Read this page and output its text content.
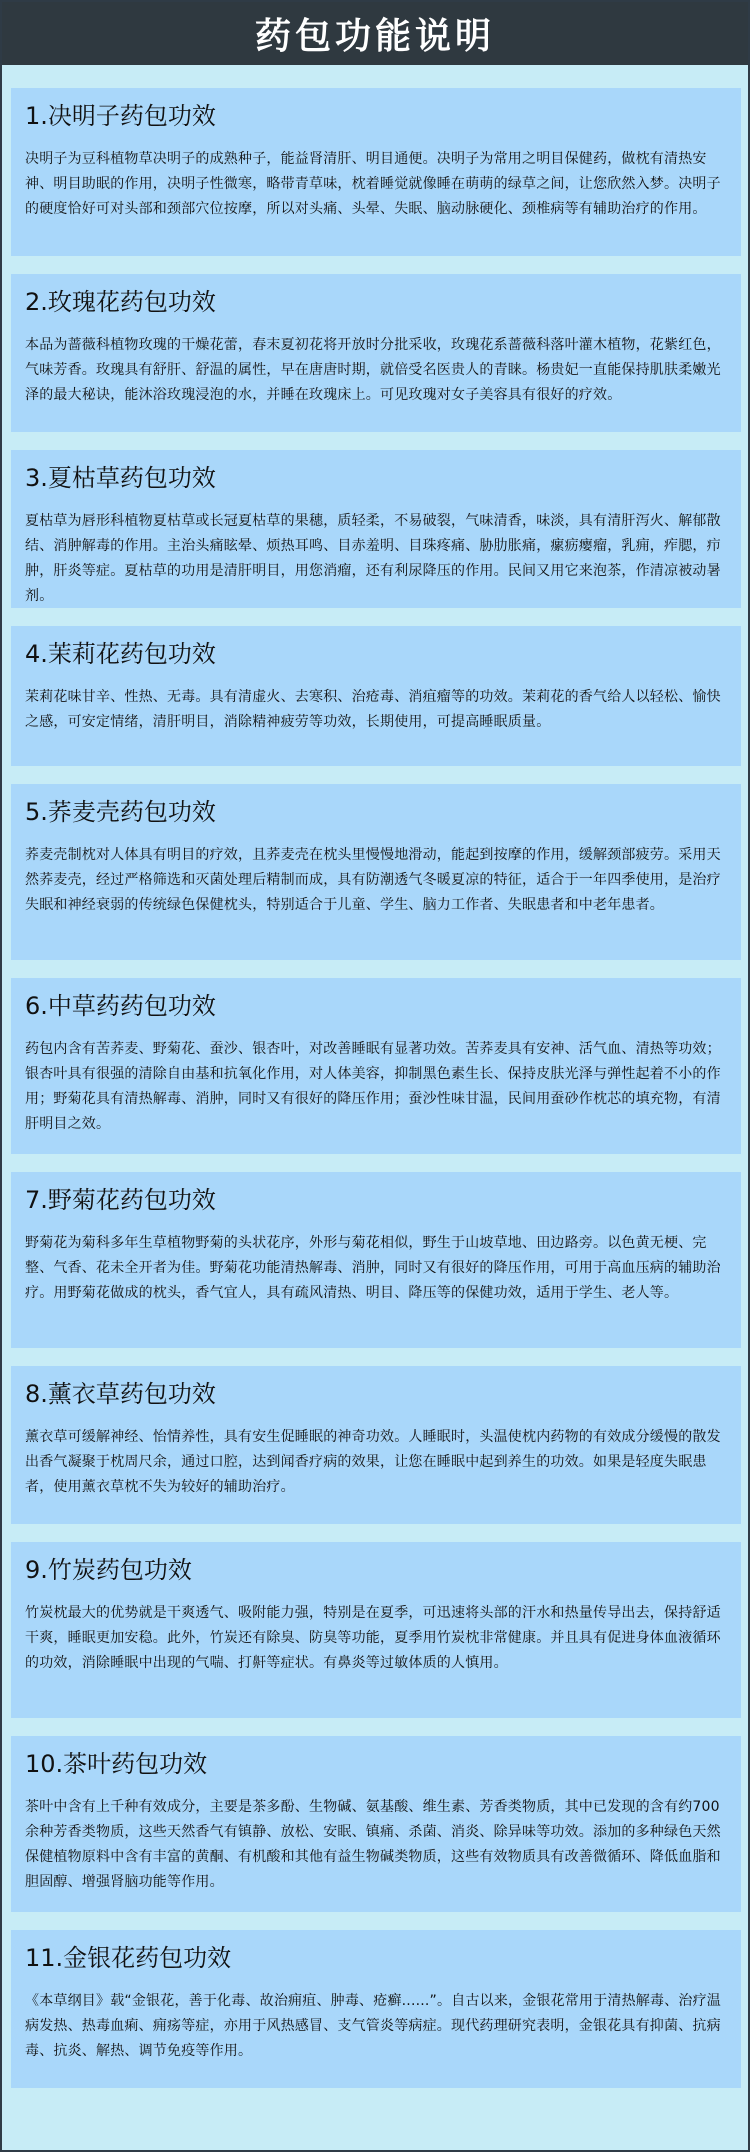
药包功能说明
1.决明子药包功效
决明子为豆科植物草决明子的成熟种子，能益肾清肝、明目通便。决明子为常用之明目保健药，做枕有清热安神、明目助眠的作用，决明子性微寒，略带青草味，枕着睡觉就像睡在萌萌的绿草之间，让您欣然入梦。决明子的硬度恰好可对头部和颈部穴位按摩，所以对头痛、头晕、失眠、脑动脉硬化、颈椎病等有辅助治疗的作用。
2.玫瑰花药包功效
本品为蔷薇科植物玫瑰的干燥花蕾，春末夏初花将开放时分批采收，玫瑰花系蔷薇科落叶灌木植物，花紫红色，气味芳香。玫瑰具有舒肝、舒温的属性，早在唐唐时期，就倍受名医贵人的青睐。杨贵妃一直能保持肌肤柔嫩光泽的最大秘诀，能沐浴玫瑰浸泡的水，并睡在玫瑰床上。可见玫瑰对女子美容具有很好的疗效。
3.夏枯草药包功效
夏枯草为唇形科植物夏枯草或长冠夏枯草的果穗，质轻柔，不易破裂，气味清香，味淡，具有清肝泻火、解郁散结、消肿解毒的作用。主治头痛眩晕、烦热耳鸣、目赤羞明、目珠疼痛、胁肋胀痛，瘰疬瘿瘤，乳痈，痄腮，疖肿，肝炎等症。夏枯草的功用是清肝明目，用您消瘤，还有利尿降压的作用。民间又用它来泡茶，作清凉被动暑剂。
4.茉莉花药包功效
茉莉花味甘辛、性热、无毒。具有清虚火、去寒积、治疮毒、消疽瘤等的功效。茉莉花的香气给人以轻松、愉快之感，可安定情绪，清肝明目，消除精神疲劳等功效，长期使用，可提高睡眠质量。
5.荞麦壳药包功效
荞麦壳制枕对人体具有明目的疗效，且荞麦壳在枕头里慢慢地滑动，能起到按摩的作用，缓解颈部疲劳。采用天然荞麦壳，经过严格筛选和灭菌处理后精制而成，具有防潮透气冬暖夏凉的特征，适合于一年四季使用，是治疗失眠和神经衰弱的传统绿色保健枕头，特别适合于儿童、学生、脑力工作者、失眠患者和中老年患者。
6.中草药药包功效
药包内含有苦荞麦、野菊花、蚕沙、银杏叶，对改善睡眠有显著功效。苦荞麦具有安神、活气血、清热等功效；银杏叶具有很强的清除自由基和抗氧化作用，对人体美容，抑制黑色素生长、保持皮肤光泽与弹性起着不小的作用；野菊花具有清热解毒、消肿，同时又有很好的降压作用；蚕沙性味甘温，民间用蚕砂作枕芯的填充物，有清肝明目之效。
7.野菊花药包功效
野菊花为菊科多年生草植物野菊的头状花序，外形与菊花相似，野生于山坡草地、田边路旁。以色黄无梗、完整、气香、花未全开者为佳。野菊花功能清热解毒、消肿，同时又有很好的降压作用，可用于高血压病的辅助治疗。用野菊花做成的枕头，香气宜人，具有疏风清热、明目、降压等的保健功效，适用于学生、老人等。
8.薰衣草药包功效
薰衣草可缓解神经、怡情养性，具有安生促睡眠的神奇功效。人睡眠时，头温使枕内药物的有效成分缓慢的散发出香气凝聚于枕周尺余，通过口腔，达到闻香疗病的效果，让您在睡眠中起到养生的功效。如果是轻度失眠患者，使用薰衣草枕不失为较好的辅助治疗。
9.竹炭药包功效
竹炭枕最大的优势就是干爽透气、吸附能力强，特别是在夏季，可迅速将头部的汗水和热量传导出去，保持舒适干爽，睡眠更加安稳。此外，竹炭还有除臭、防臭等功能，夏季用竹炭枕非常健康。并且具有促进身体血液循环的功效，消除睡眠中出现的气喘、打鼾等症状。有鼻炎等过敏体质的人慎用。
10.茶叶药包功效
茶叶中含有上千种有效成分，主要是茶多酚、生物碱、氨基酸、维生素、芳香类物质，其中已发现的含有约700余种芳香类物质，这些天然香气有镇静、放松、安眠、镇痛、杀菌、消炎、除异味等功效。添加的多种绿色天然保健植物原料中含有丰富的黄酮、有机酸和其他有益生物碱类物质，这些有效物质具有改善微循环、降低血脂和胆固醇、增强肾脑功能等作用。
11.金银花药包功效
《本草纲目》载“金银花，善于化毒、故治痈疽、肿毒、疮癣......”。自古以来，金银花常用于清热解毒、治疗温病发热、热毒血痢、痈疡等症，亦用于风热感冒、支气管炎等病症。现代药理研究表明，金银花具有抑菌、抗病毒、抗炎、解热、调节免疫等作用。
